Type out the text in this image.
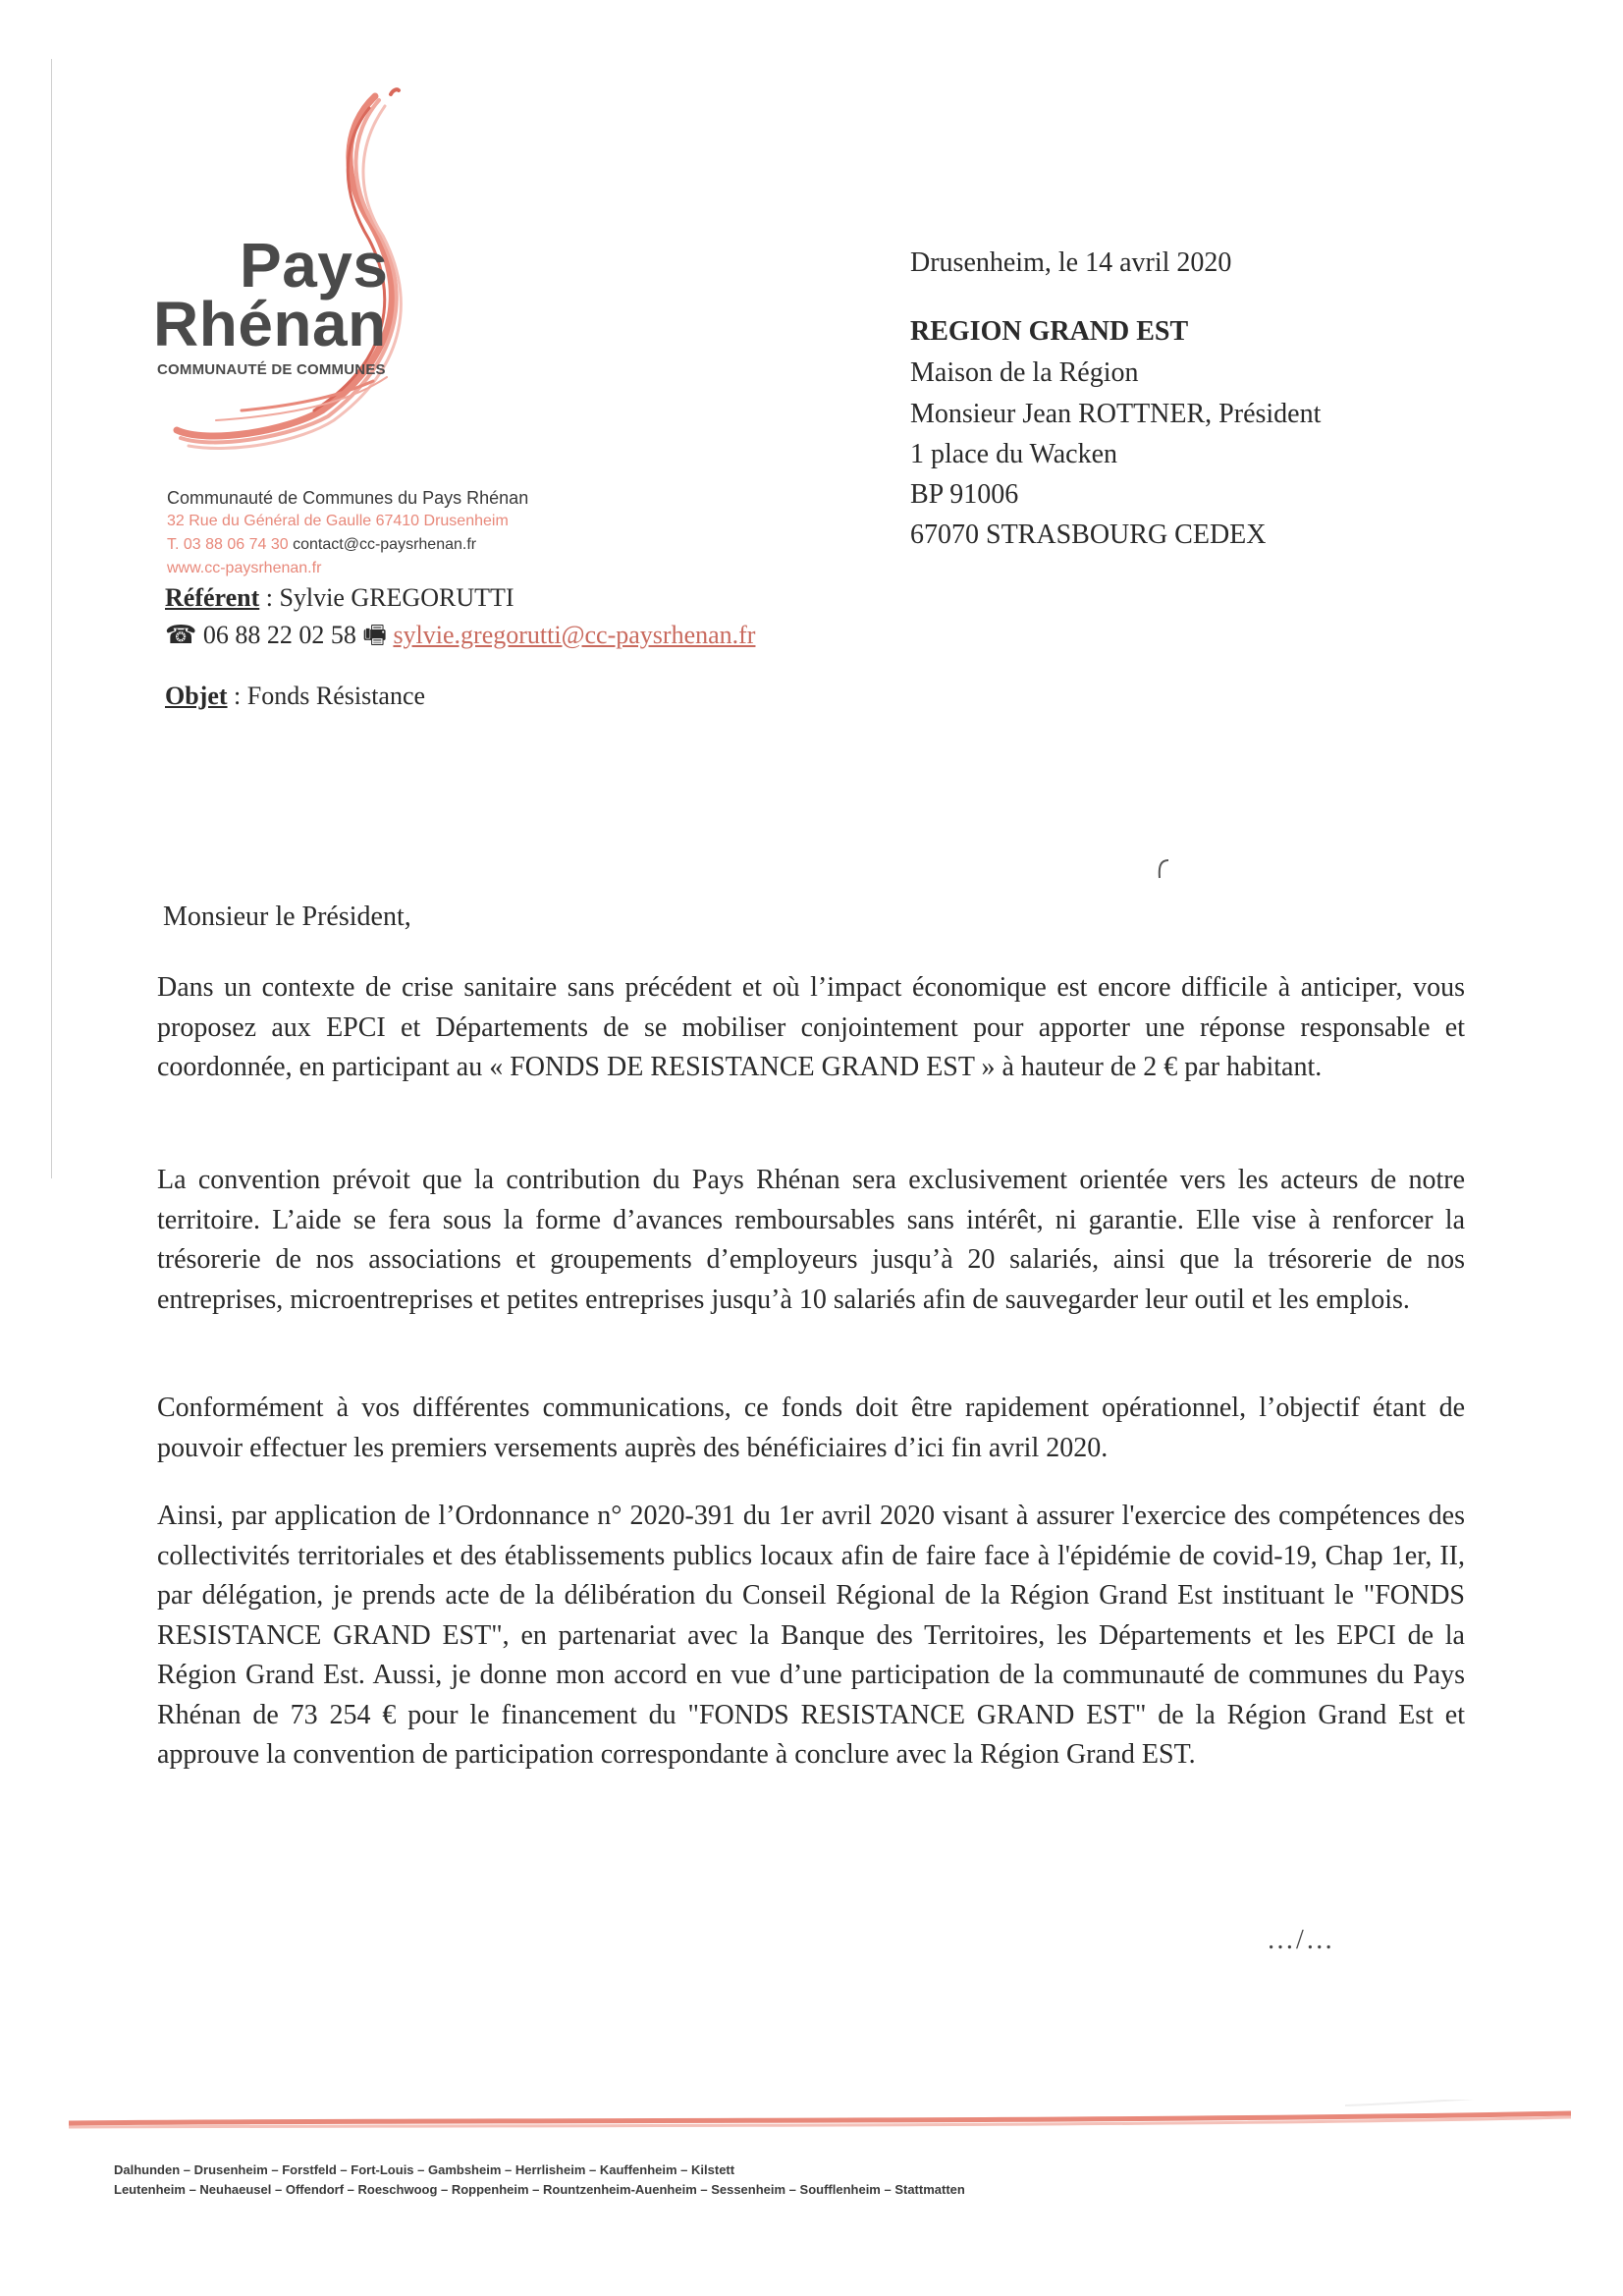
Pays
Rhénan
COMMUNAUTÉ DE COMMUNES
Communauté de Communes du Pays Rhénan
32 Rue du Général de Gaulle 67410 Drusenheim
T. 03 88 06 74 30 contact@cc-paysrhenan.fr
www.cc-paysrhenan.fr
Référent : Sylvie GREGORUTTI
☎ 06 88 22 02 58 🖷 sylvie.gregorutti@cc-paysrhenan.fr
Objet : Fonds Résistance
Drusenheim, le 14 avril 2020
REGION GRAND EST
Maison de la Région
Monsieur Jean ROTTNER, Président
1 place du Wacken
BP 91006
67070 STRASBOURG CEDEX
Monsieur le Président,

Dans un contexte de crise sanitaire sans précédent et où l’impact économique est encore difficile à anticiper, vous proposez aux EPCI et Départements de se mobiliser conjointement pour apporter une réponse responsable et coordonnée, en participant au « FONDS DE RESISTANCE GRAND EST » à hauteur de 2 € par habitant.

La convention prévoit que la contribution du Pays Rhénan sera exclusivement orientée vers les acteurs de notre territoire. L’aide se fera sous la forme d’avances remboursables sans intérêt, ni garantie. Elle vise à renforcer la trésorerie de nos associations et groupements d’employeurs jusqu’à 20 salariés, ainsi que la trésorerie de nos entreprises, microentreprises et petites entreprises jusqu’à 10 salariés afin de sauvegarder leur outil et les emplois.

Conformément à vos différentes communications, ce fonds doit être rapidement opérationnel, l’objectif étant de pouvoir effectuer les premiers versements auprès des bénéficiaires d’ici fin avril 2020.

Ainsi, par application de l’Ordonnance n° 2020-391 du 1er avril 2020 visant à assurer l'exercice des compétences des collectivités territoriales et des établissements publics locaux afin de faire face à l'épidémie de covid-19, Chap 1er, II, par délégation, je prends acte de la délibération du Conseil Régional de la Région Grand Est instituant le "FONDS RESISTANCE GRAND EST", en partenariat avec la Banque des Territoires, les Départements et les EPCI de la Région Grand Est. Aussi, je donne mon accord en vue d’une participation de la communauté de communes du Pays Rhénan de 73 254 € pour le financement du "FONDS RESISTANCE GRAND EST" de la Région Grand Est et approuve la convention de participation correspondante à conclure avec la Région Grand EST.

…/…
Dalhunden – Drusenheim – Forstfeld – Fort-Louis – Gambsheim – Herrlisheim – Kauffenheim – Kilstett
Leutenheim – Neuhaeusel – Offendorf – Roeschwoog – Roppenheim – Rountzenheim-Auenheim – Sessenheim – Soufflenheim – Stattmatten
